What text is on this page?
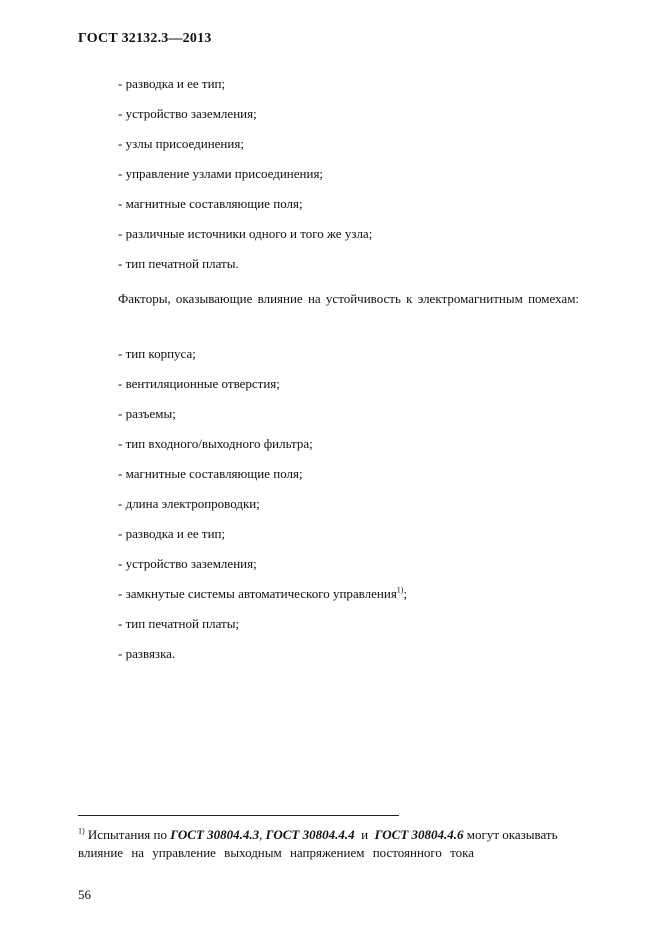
ГОСТ 32132.3—2013
- разводка и ее тип;
- устройство заземления;
- узлы присоединения;
- управление узлами присоединения;
- магнитные составляющие поля;
- различные источники одного и того же узла;
- тип печатной платы.

Факторы, оказывающие влияние на устойчивость к электромагнитным помехам:

- тип корпуса;
- вентиляционные отверстия;
- разъемы;
- тип входного/выходного фильтра;
- магнитные составляющие поля;
- длина электропроводки;
- разводка и ее тип;
- устройство заземления;
- замкнутые системы автоматического управления$^{1)}$;
- тип печатной платы;
- развязка.
$^{1)}$ Испытания по ГОСТ 30804.4.3, ГОСТ 30804.4.4  и  ГОСТ 30804.4.6 могут оказывать
влияние на управление выходным напряжением постоянного тока
56
